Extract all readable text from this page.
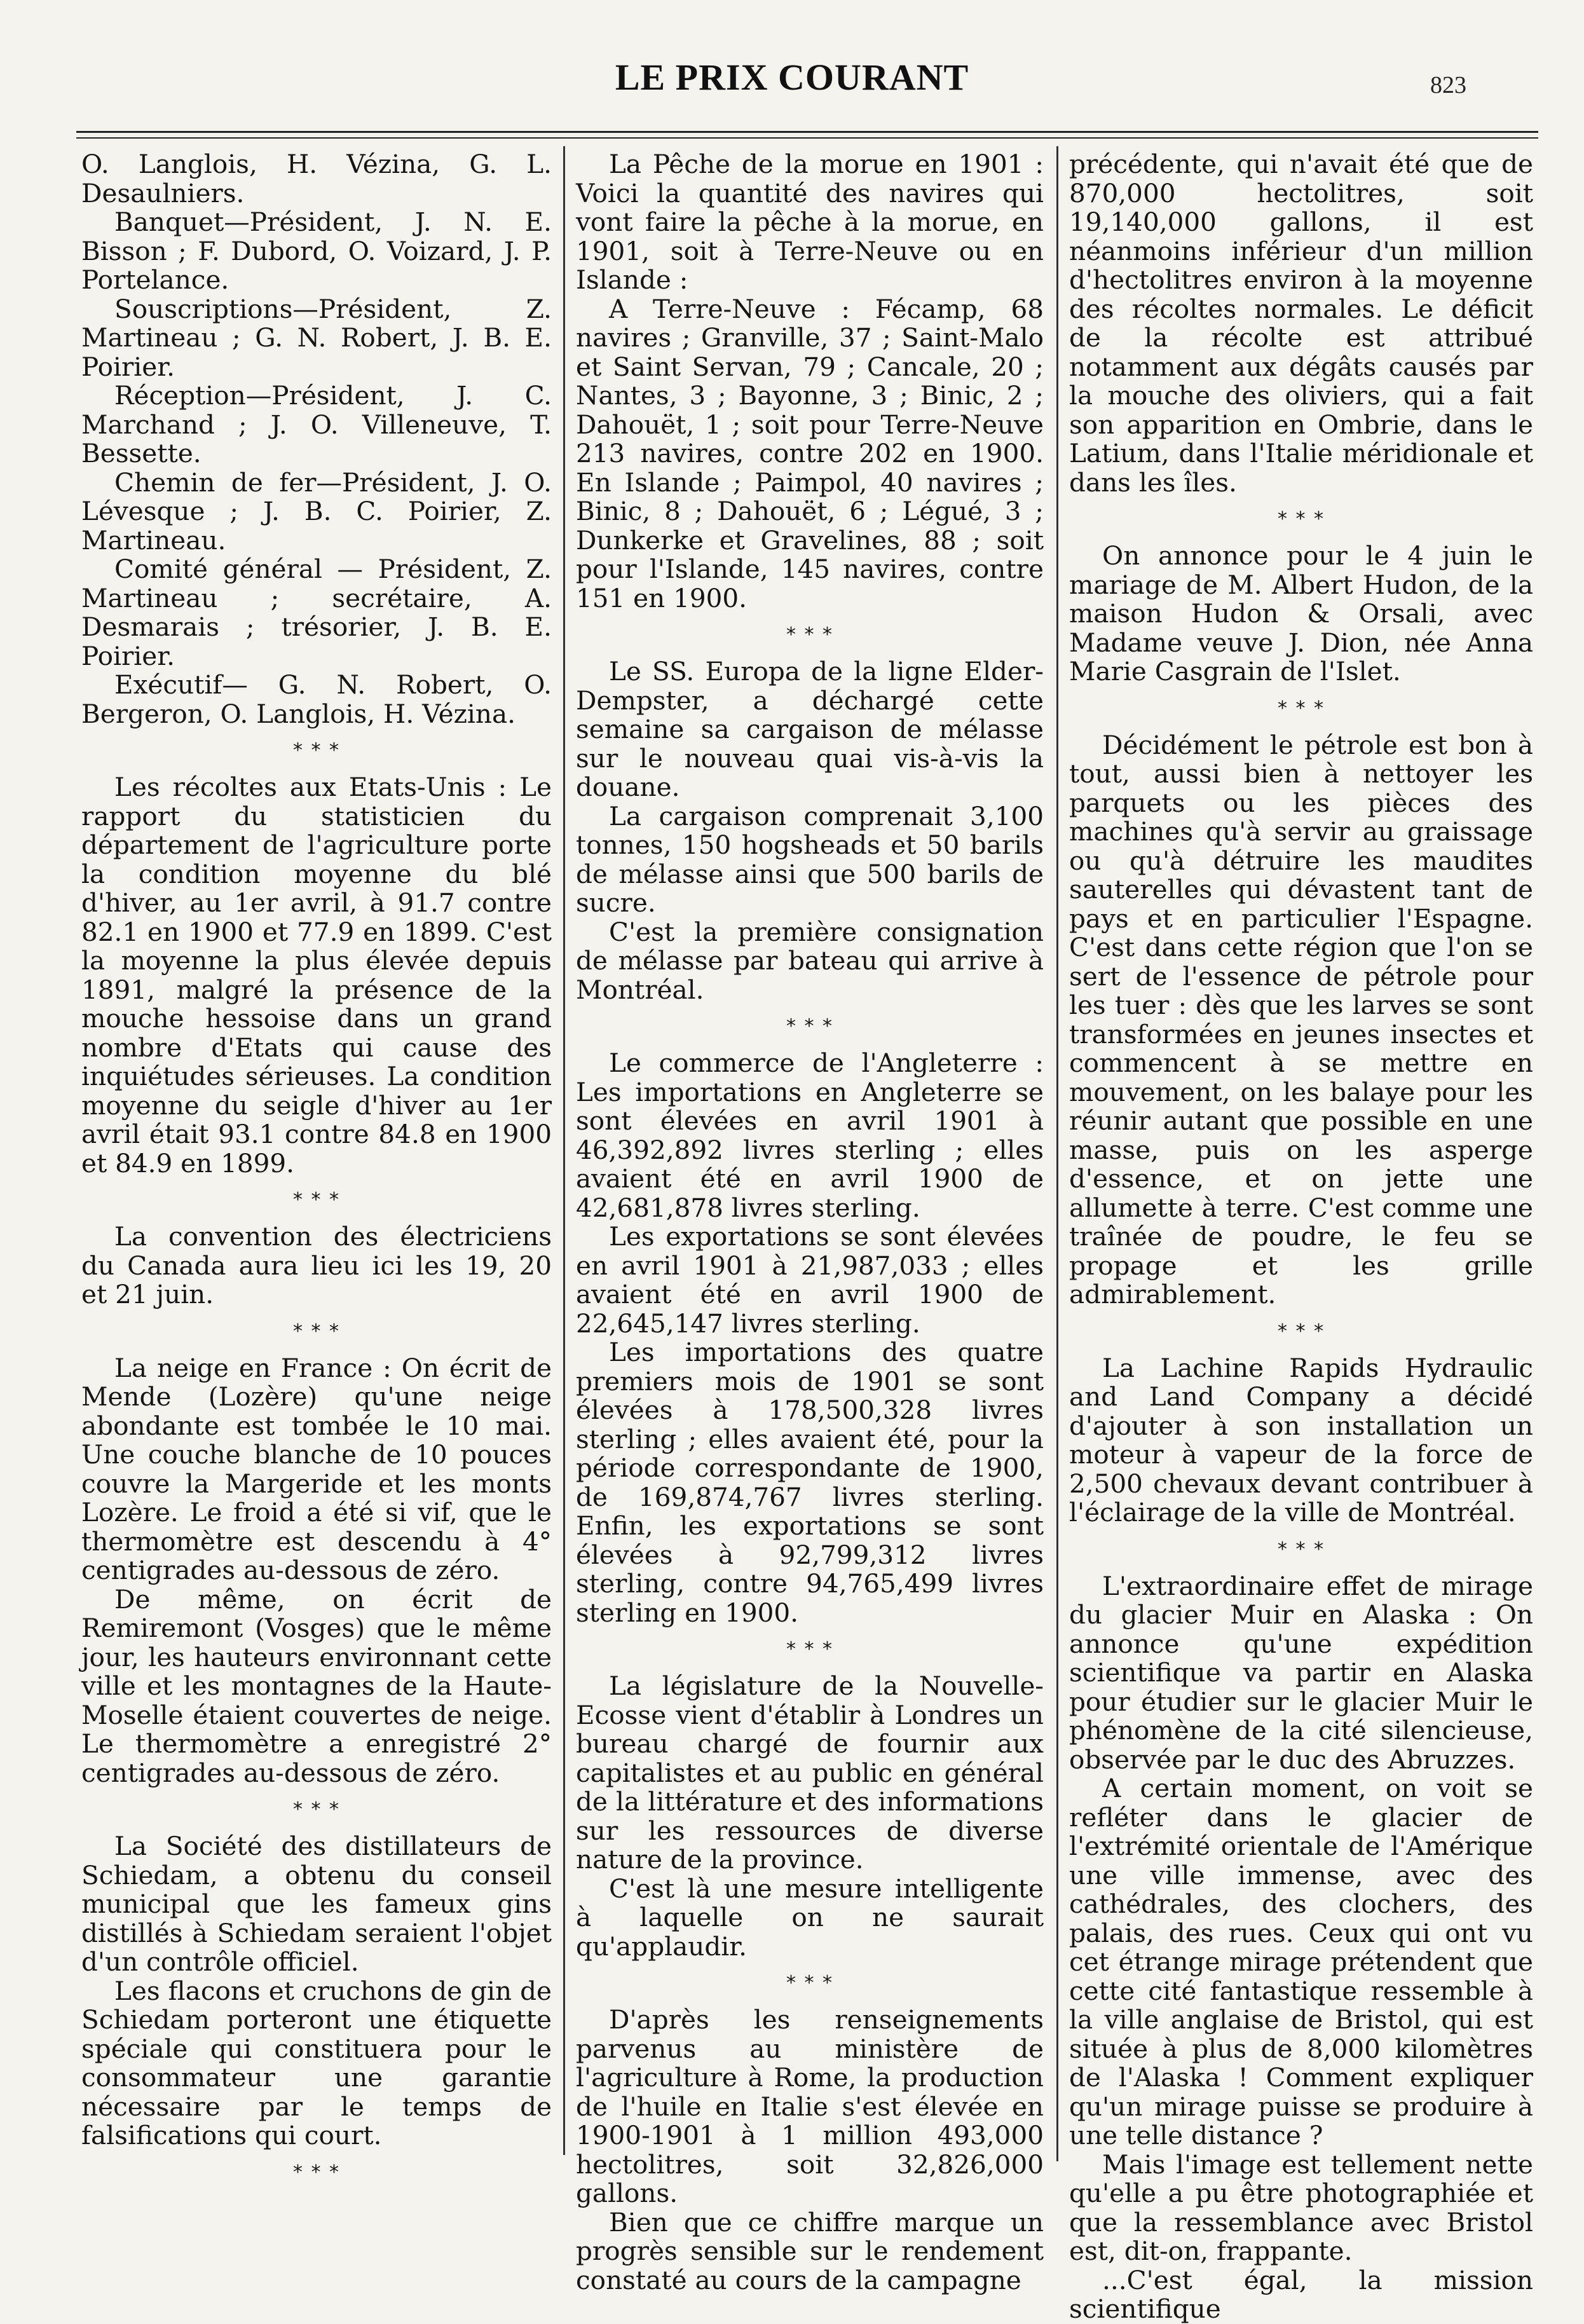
LE PRIX COURANT	823

O. Langlois, H. Vézina, G. L. Desaulniers.

Banquet—Président, J. N. E. Bisson ; F. Dubord, O. Voizard, J. P. Portelance.

Souscriptions—Président, Z. Martineau ; G. N. Robert, J. B. E. Poirier.

Réception—Président, J. C. Marchand ; J. O. Villeneuve, T. Bessette.

Chemin de fer—Président, J. O. Lévesque ; J. B. C. Poirier, Z. Martineau.

Comité général — Président, Z. Martineau ; secrétaire, A. Desmarais ; trésorier, J. B. E. Poirier.

Exécutif— G. N. Robert, O. Bergeron, O. Langlois, H. Vézina.

* * *

Les récoltes aux Etats-Unis : Le rapport du statisticien du département de l'agriculture porte la condition moyenne du blé d'hiver, au 1er avril, à 91.7 contre 82.1 en 1900 et 77.9 en 1899. C'est la moyenne la plus élevée depuis 1891, malgré la présence de la mouche hessoise dans un grand nombre d'Etats qui cause des inquiétudes sérieuses. La condition moyenne du seigle d'hiver au 1er avril était 93.1 contre 84.8 en 1900 et 84.9 en 1899.

* * *

La convention des électriciens du Canada aura lieu ici les 19, 20 et 21 juin.

* * *

La neige en France : On écrit de Mende (Lozère) qu'une neige abondante est tombée le 10 mai. Une couche blanche de 10 pouces couvre la Margeride et les monts Lozère. Le froid a été si vif, que le thermomètre est descendu à 4° centigrades au-dessous de zéro.

De même, on écrit de Remiremont (Vosges) que le même jour, les hauteurs environnant cette ville et les montagnes de la Haute-Moselle étaient couvertes de neige. Le thermomètre a enregistré 2° centigrades au-dessous de zéro.

* * *

La Société des distillateurs de Schiedam, a obtenu du conseil municipal que les fameux gins distillés à Schiedam seraient l'objet d'un contrôle officiel.

Les flacons et cruchons de gin de Schiedam porteront une étiquette spéciale qui constituera pour le consommateur une garantie nécessaire par le temps de falsifications qui court.

* * *

La Pêche de la morue en 1901 : Voici la quantité des navires qui vont faire la pêche à la morue, en 1901, soit à Terre-Neuve ou en Islande :

A Terre-Neuve : Fécamp, 68 navires ; Granville, 37 ; Saint-Malo et Saint Servan, 79 ; Cancale, 20 ; Nantes, 3 ; Bayonne, 3 ; Binic, 2 ; Dahouët, 1 ; soit pour Terre-Neuve 213 navires, contre 202 en 1900. En Islande ; Paimpol, 40 navires ; Binic, 8 ; Dahouët, 6 ; Légué, 3 ; Dunkerke et Gravelines, 88 ; soit pour l'Islande, 145 navires, contre 151 en 1900.

* * *

Le SS. Europa de la ligne Elder-Dempster, a déchargé cette semaine sa cargaison de mélasse sur le nouveau quai vis-à-vis la douane.

La cargaison comprenait 3,100 tonnes, 150 hogsheads et 50 barils de mélasse ainsi que 500 barils de sucre.

C'est la première consignation de mélasse par bateau qui arrive à Montréal.

* * *

Le commerce de l'Angleterre : Les importations en Angleterre se sont élevées en avril 1901 à 46,392,892 livres sterling ; elles avaient été en avril 1900 de 42,681,878 livres sterling.

Les exportations se sont élevées en avril 1901 à 21,987,033 ; elles avaient été en avril 1900 de 22,645,147 livres sterling.

Les importations des quatre premiers mois de 1901 se sont élevées à 178,500,328 livres sterling ; elles avaient été, pour la période correspondante de 1900, de 169,874,767 livres sterling. Enfin, les exportations se sont élevées à 92,799,312 livres sterling, contre 94,765,499 livres sterling en 1900.

* * *

La législature de la Nouvelle-Ecosse vient d'établir à Londres un bureau chargé de fournir aux capitalistes et au public en général de la littérature et des informations sur les ressources de diverse nature de la province.

C'est là une mesure intelligente à laquelle on ne saurait qu'applaudir.

* * *

D'après les renseignements parvenus au ministère de l'agriculture à Rome, la production de l'huile en Italie s'est élevée en 1900-1901 à 1 million 493,000 hectolitres, soit 32,826,000 gallons.

Bien que ce chiffre marque un progrès sensible sur le rendement constaté au cours de la campagne

précédente, qui n'avait été que de 870,000 hectolitres, soit 19,140,000 gallons, il est néanmoins inférieur d'un million d'hectolitres environ à la moyenne des récoltes normales. Le déficit de la récolte est attribué notamment aux dégâts causés par la mouche des oliviers, qui a fait son apparition en Ombrie, dans le Latium, dans l'Italie méridionale et dans les îles.

* * *

On annonce pour le 4 juin le mariage de M. Albert Hudon, de la maison Hudon & Orsali, avec Madame veuve J. Dion, née Anna Marie Casgrain de l'Islet.

* * *

Décidément le pétrole est bon à tout, aussi bien à nettoyer les parquets ou les pièces des machines qu'à servir au graissage ou qu'à détruire les maudites sauterelles qui dévastent tant de pays et en particulier l'Espagne. C'est dans cette région que l'on se sert de l'essence de pétrole pour les tuer : dès que les larves se sont transformées en jeunes insectes et commencent à se mettre en mouvement, on les balaye pour les réunir autant que possible en une masse, puis on les asperge d'essence, et on jette une allumette à terre. C'est comme une traînée de poudre, le feu se propage et les grille admirablement.

* * *

La Lachine Rapids Hydraulic and Land Company a décidé d'ajouter à son installation un moteur à vapeur de la force de 2,500 chevaux devant contribuer à l'éclairage de la ville de Montréal.

* * *

L'extraordinaire effet de mirage du glacier Muir en Alaska : On annonce qu'une expédition scientifique va partir en Alaska pour étudier sur le glacier Muir le phénomène de la cité silencieuse, observée par le duc des Abruzzes.

A certain moment, on voit se refléter dans le glacier de l'extrémité orientale de l'Amérique une ville immense, avec des cathédrales, des clochers, des palais, des rues. Ceux qui ont vu cet étrange mirage prétendent que cette cité fantastique ressemble à la ville anglaise de Bristol, qui est située à plus de 8,000 kilomètres de l'Alaska ! Comment expliquer qu'un mirage puisse se produire à une telle distance ?

Mais l'image est tellement nette qu'elle a pu être photographiée et que la ressemblance avec Bristol est, dit-on, frappante.

...C'est égal, la mission scientifique
